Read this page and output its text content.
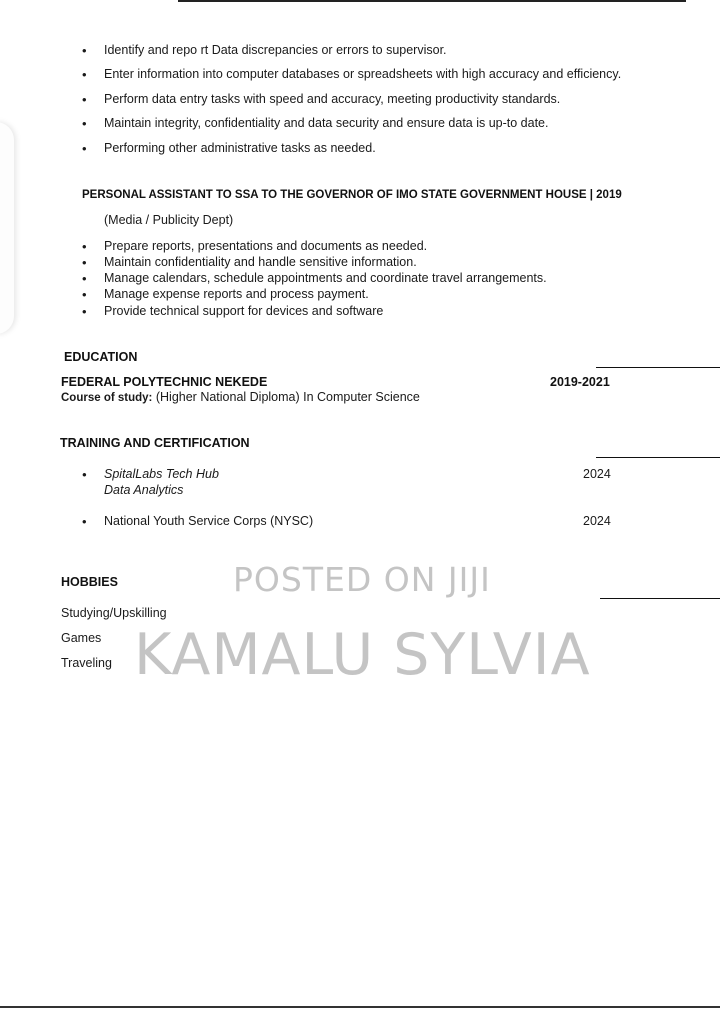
• Identify and repo rt Data discrepancies or errors to supervisor.
• Enter information into computer databases or spreadsheets with high accuracy and efficiency.
• Perform data entry tasks with speed and accuracy, meeting productivity standards.
• Maintain integrity, confidentiality and data security and ensure data is up-to date.
• Performing other administrative tasks as needed.
PERSONAL ASSISTANT TO SSA TO THE GOVERNOR OF IMO STATE GOVERNMENT HOUSE | 2019
(Media / Publicity Dept)
• Prepare reports, presentations and documents as needed.
• Maintain confidentiality and handle sensitive information.
• Manage calendars, schedule appointments and coordinate travel arrangements.
• Manage expense reports and process payment.
• Provide technical support for devices and software
EDUCATION
FEDERAL POLYTECHNIC NEKEDE	2019-2021
Course of study: (Higher National Diploma) In Computer Science
TRAINING AND CERTIFICATION
• SpitalLabs Tech Hub
Data Analytics
2024
• National Youth Service Corps (NYSC)	2024
HOBBIES
Studying/Upskilling
Games
Traveling
POSTED ON JIJI
KAMALU SYLVIA
